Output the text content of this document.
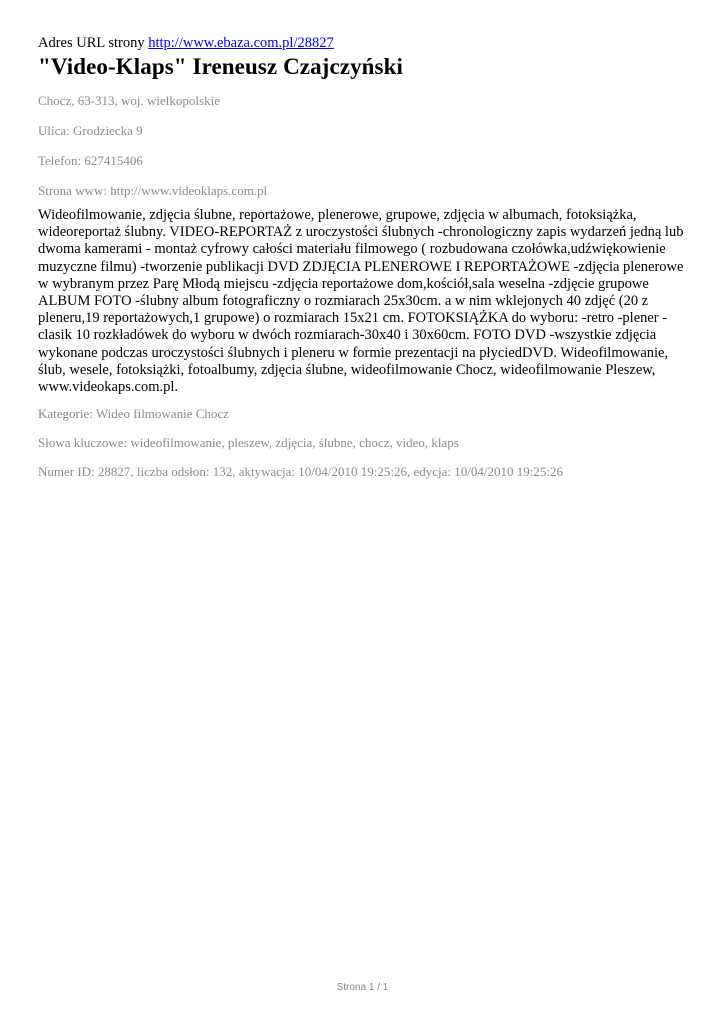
Adres URL strony http://www.ebaza.com.pl/28827

"Video-Klaps" Ireneusz Czajczyński

Chocz, 63-313, woj. wielkopolskie

Ulica: Grodziecka 9

Telefon: 627415406

Strona www: http://www.videoklaps.com.pl

Wideofilmowanie, zdjęcia ślubne, reportażowe, plenerowe, grupowe, zdjęcia w albumach, fotoksiążka, wideoreportaż ślubny. VIDEO-REPORTAŻ z uroczystości ślubnych -chronologiczny zapis wydarzeń jedną lub dwoma kamerami - montaż cyfrowy całości materiału filmowego ( rozbudowana czołówka,udźwiękowienie muzyczne filmu) -tworzenie publikacji DVD ZDJĘCIA PLENEROWE I REPORTAŻOWE -zdjęcia plenerowe w wybranym przez Parę Młodą miejscu -zdjęcia reportażowe dom,kościół,sala weselna -zdjęcie grupowe ALBUM FOTO -ślubny album fotograficzny o rozmiarach 25x30cm. a w nim wklejonych 40 zdjęć (20 z pleneru,19 reportażowych,1 grupowe) o rozmiarach 15x21 cm. FOTOKSIĄŻKA do wyboru: -retro -plener -clasik 10 rozkładówek do wyboru w dwóch rozmiarach-30x40 i 30x60cm. FOTO DVD -wszystkie zdjęcia wykonane podczas uroczystości ślubnych i pleneru w formie prezentacji na płyciedDVD. Wideofilmowanie, ślub, wesele, fotoksiążki, fotoalbumy, zdjęcia ślubne, wideofilmowanie Chocz, wideofilmowanie Pleszew, www.videokaps.com.pl.

Kategorie: Wideo filmowanie Chocz

Słowa kluczowe: wideofilmowanie, pleszew, zdjęcia, ślubne, chocz, video, klaps

Numer ID: 28827, liczba odsłon: 132, aktywacja: 10/04/2010 19:25:26, edycja: 10/04/2010 19:25:26

Strona 1 / 1
